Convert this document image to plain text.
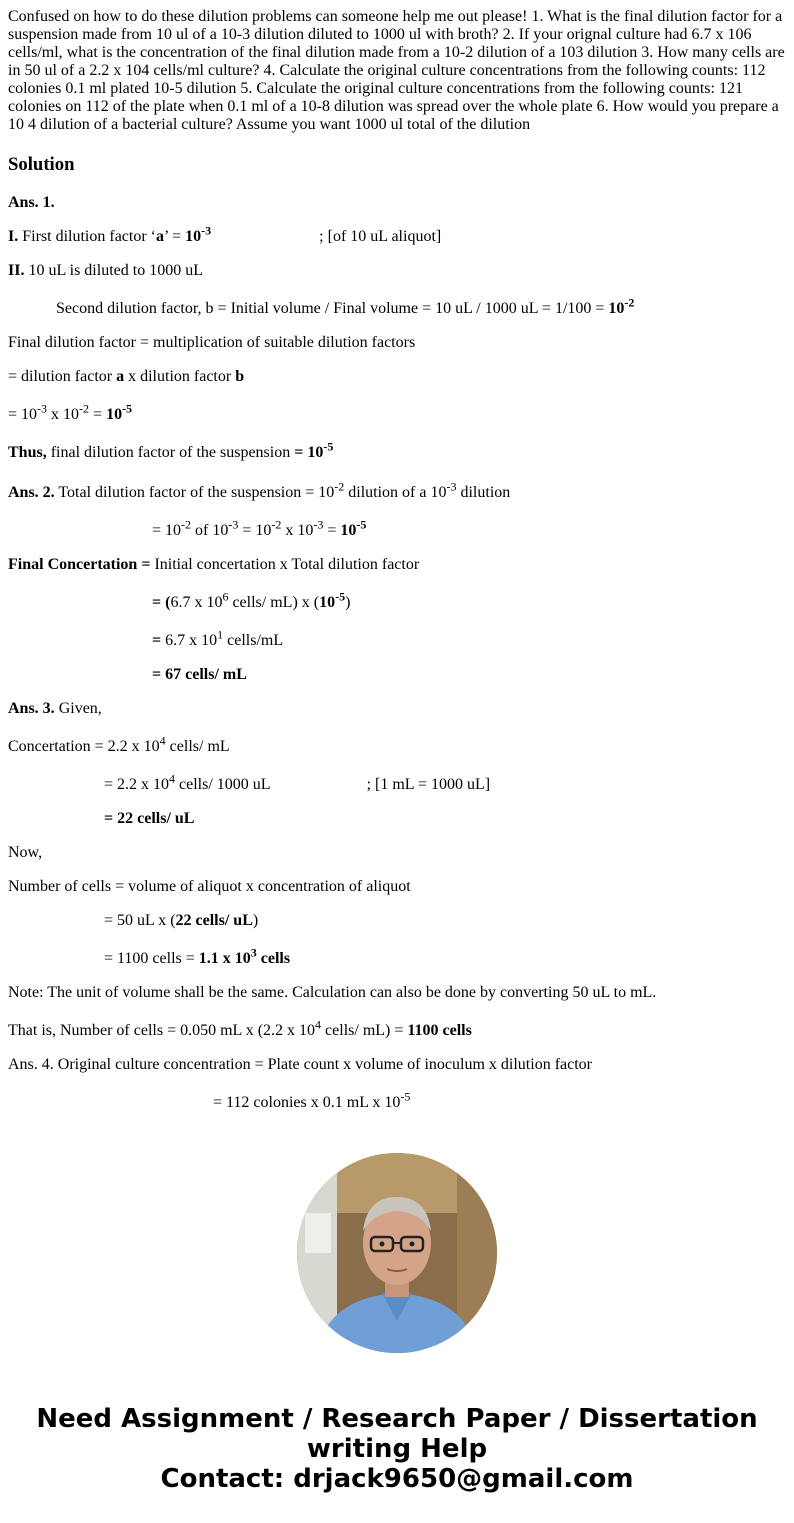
Confused on how to do these dilution problems can someone help me out please! 1. What is the final dilution factor for a suspension made from 10 ul of a 10-3 dilution diluted to 1000 ul with broth? 2. If your orignal culture had 6.7 x 106 cells/ml, what is the concentration of the final dilution made from a 10-2 dilution of a 103 dilution 3. How many cells are in 50 ul of a 2.2 x 104 cells/ml culture? 4. Calculate the original culture concentrations from the following counts: 112 colonies 0.1 ml plated 10-5 dilution 5. Calculate the original culture concentrations from the following counts: 121 colonies on 112 of the plate when 0.1 ml of a 10-8 dilution was spread over the whole plate 6. How would you prepare a 10 4 dilution of a bacterial culture? Assume you want 1000 ul total of the dilution
Solution

Ans. 1.

I. First dilution factor ‘a’ = $10^{-3}$	; [of 10 uL aliquot]

II. 10 uL is diluted to 1000 uL

Second dilution factor, b = Initial volume / Final volume = 10 uL / 1000 uL = $1/100 = 10^{-2}$

Final dilution factor = multiplication of suitable dilution factors

= dilution factor a x dilution factor b

= $10^{-3}$ x $10^{-2} = 10^{-5}$

Thus, final dilution factor of the suspension = $10^{-5}$

Ans. 2. Total dilution factor of the suspension = $10^{-2}$ dilution of a $10^{-3}$ dilution

= $10^{-2}$ of $10^{-3} = 10^{-2}$ x $10^{-3} = 10^{-5}$

Final Concertation = Initial concertation x Total dilution factor

= (6.7 x $10^6$ cells/ mL) x $(10^{-5})$

= 6.7 x $10^1$ cells/mL

= 67 cells/ mL

Ans. 3. Given,

Concertation = 2.2 x $10^4$ cells/ mL

= 2.2 x $10^4$ cells/ 1000 uL	; [1 mL = 1000 uL]

= 22 cells/ uL

Now,

Number of cells = volume of aliquot x concentration of aliquot

= 50 uL x (22 cells/ uL)

= 1100 cells = 1.1 x $10^3$ cells

Note: The unit of volume shall be the same. Calculation can also be done by converting 50 uL to mL.

That is, Number of cells = 0.050 mL x (2.2 x $10^4$ cells/ mL) = 1100 cells

Ans. 4. Original culture concentration = Plate count x volume of inoculum x dilution factor

= 112 colonies x 0.1 mL x $10^{-5}$

Need Assignment / Research Paper / Dissertation
writing Help
Contact: drjack9650@gmail.com
